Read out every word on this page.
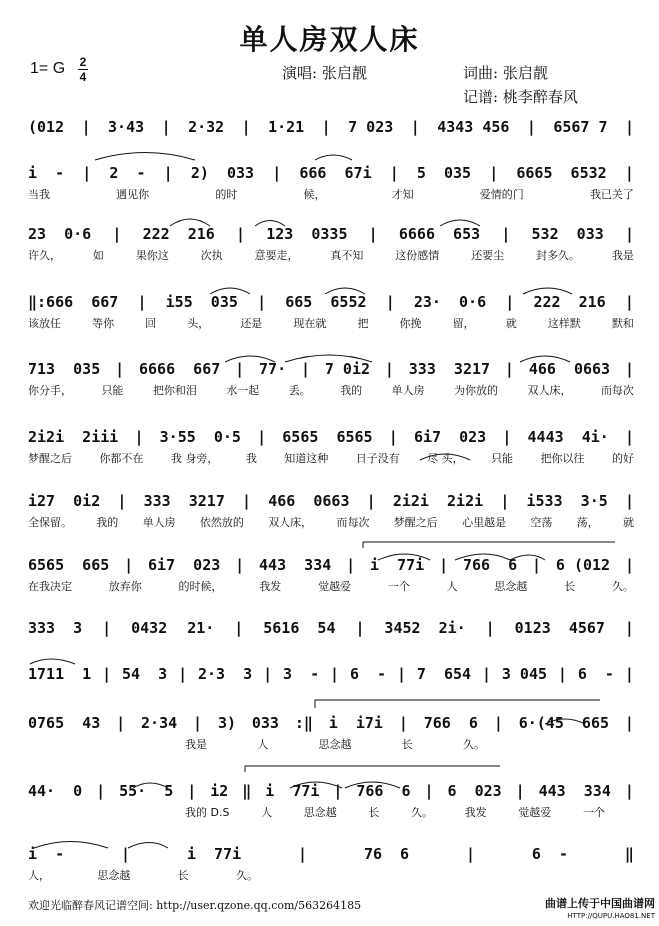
单人房双人床
1= G 2
4	演唱: 张启靓	词曲: 张启靓
记谱: 桃李醉春风
(012 | 3·43 | 2·32 | 1·21 | 7 023 | 4343 456 | 6567 7 |
i  - | 2  - | 2) 033 | 666  67i | 5  035 | 6665  6532 |
当我	遇见你	的时	候，	才知	爱情的门	我已关了
23  0·6 | 222  216 | 123  0335 | 6666  653 | 532  033 |
许久，	如	果你这	次执	意要走，	真不知	这份感情	还要尘	封多久。	我是
‖:666  667 | i55  035 | 665  6552 | 23·  0·6 | 222  216 |
该放任	等你	回	头，	还是	现在就	把	你挽	留，	就	这样默	默和
713  035 | 6666  667 | 77· | 7 0i2 | 333  3217 | 466  0663 |
你分手，	只能	把你和泪	水一起	丢。	我的	单人房	为你放的	双人床，	而每次
2i2i  2iii | 3·55  0·5 | 6565  6565 | 6i7  023 | 4443  4i· |
梦醒之后 你都不在 我 身旁， 我 知道这种 日子没有 尽 头， 只能 把你以往 的好
i27  0i2 | 333  3217 | 466  0663 | 2i2i  2i2i | i533  3·5 |
全保留。 我的 单人房 依然放的 双人床， 而每次 梦醒之后 心里越是 空荡 荡， 就
6565  665 | 6i7  023 | 443  334 | i  77i | 766  6 | 6 (012 |
在我决定	放弃你	的时候，	我发	觉越爱	一个	人	思念越	长	久。
333  3 | 0432 21· | 5616  54 | 3452  2i· | 0123  4567 |
1711  1 | 54  3 | 2·3  3 | 3  - | 6  - | 7  654 | 3 045 | 6  - |
0765  43 | 2·34 | 3) 033 :‖ i  i7i | 766  6 | 6·(45  665 |
我是	人	思念越	长	久。
44·  0 | 55·  5 | i2 ‖ i  77i | 766  6 | 6  023 | 443  334 |
我的 D.S	人	思念越	长	久。	我发	觉越爱	一个
i  -	|	i  77i	|	76  6	|	6  -	‖
人，	思念越	长	久。
欢迎光临醉春风记谱空间: http://user.qzone.qq.com/563264185	曲谱上传于中国曲谱网
HTTP://QUPU.HAO81.NET
